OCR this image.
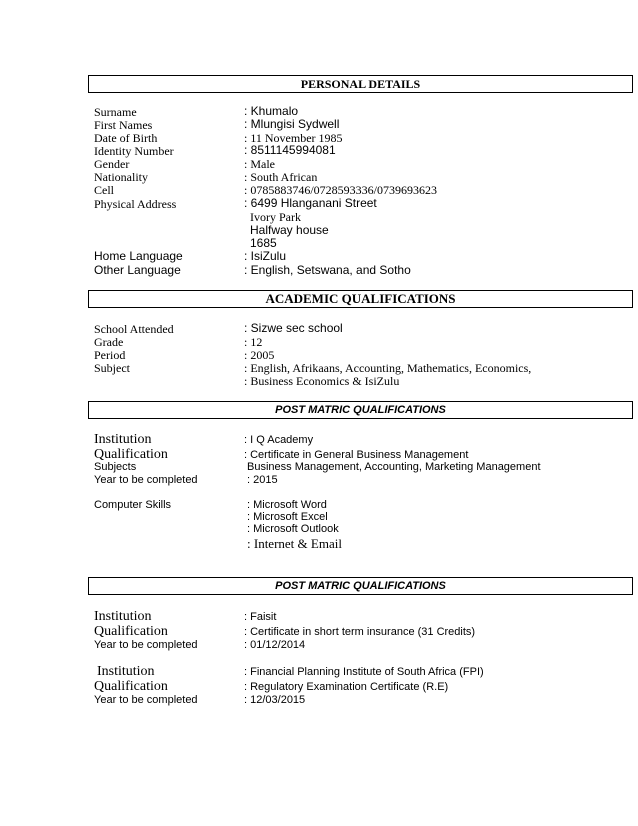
PERSONAL DETAILS
Surname	: Khumalo
First Names	: Mlungisi Sydwell
Date of Birth	: 11 November 1985
Identity Number	: 8511145994081
Gender	: Male
Nationality	: South African
Cell	: 0785883746/0728593336/0739693623
Physical Address	: 6499 Hlanganani Street
Ivory Park
Halfway house
1685
Home Language	: IsiZulu
Other Language	: English, Setswana, and Sotho
ACADEMIC QUALIFICATIONS
School Attended	: Sizwe sec school
Grade	: 12
Period	: 2005
Subject	: English, Afrikaans, Accounting, Mathematics, Economics,
: Business Economics & IsiZulu
POST MATRIC QUALIFICATIONS
Institution	: I Q Academy
Qualification	: Certificate in General Business Management
Subjects	Business Management, Accounting, Marketing Management
Year to be completed	: 2015
Computer Skills	: Microsoft Word
: Microsoft Excel
: Microsoft Outlook
: Internet & Email
POST MATRIC QUALIFICATIONS
Institution	: Faisit
Qualification	: Certificate in short term insurance (31 Credits)
Year to be completed	: 01/12/2014
Institution	: Financial Planning Institute of South Africa (FPI)
Qualification	: Regulatory Examination Certificate (R.E)
Year to be completed	: 12/03/2015
